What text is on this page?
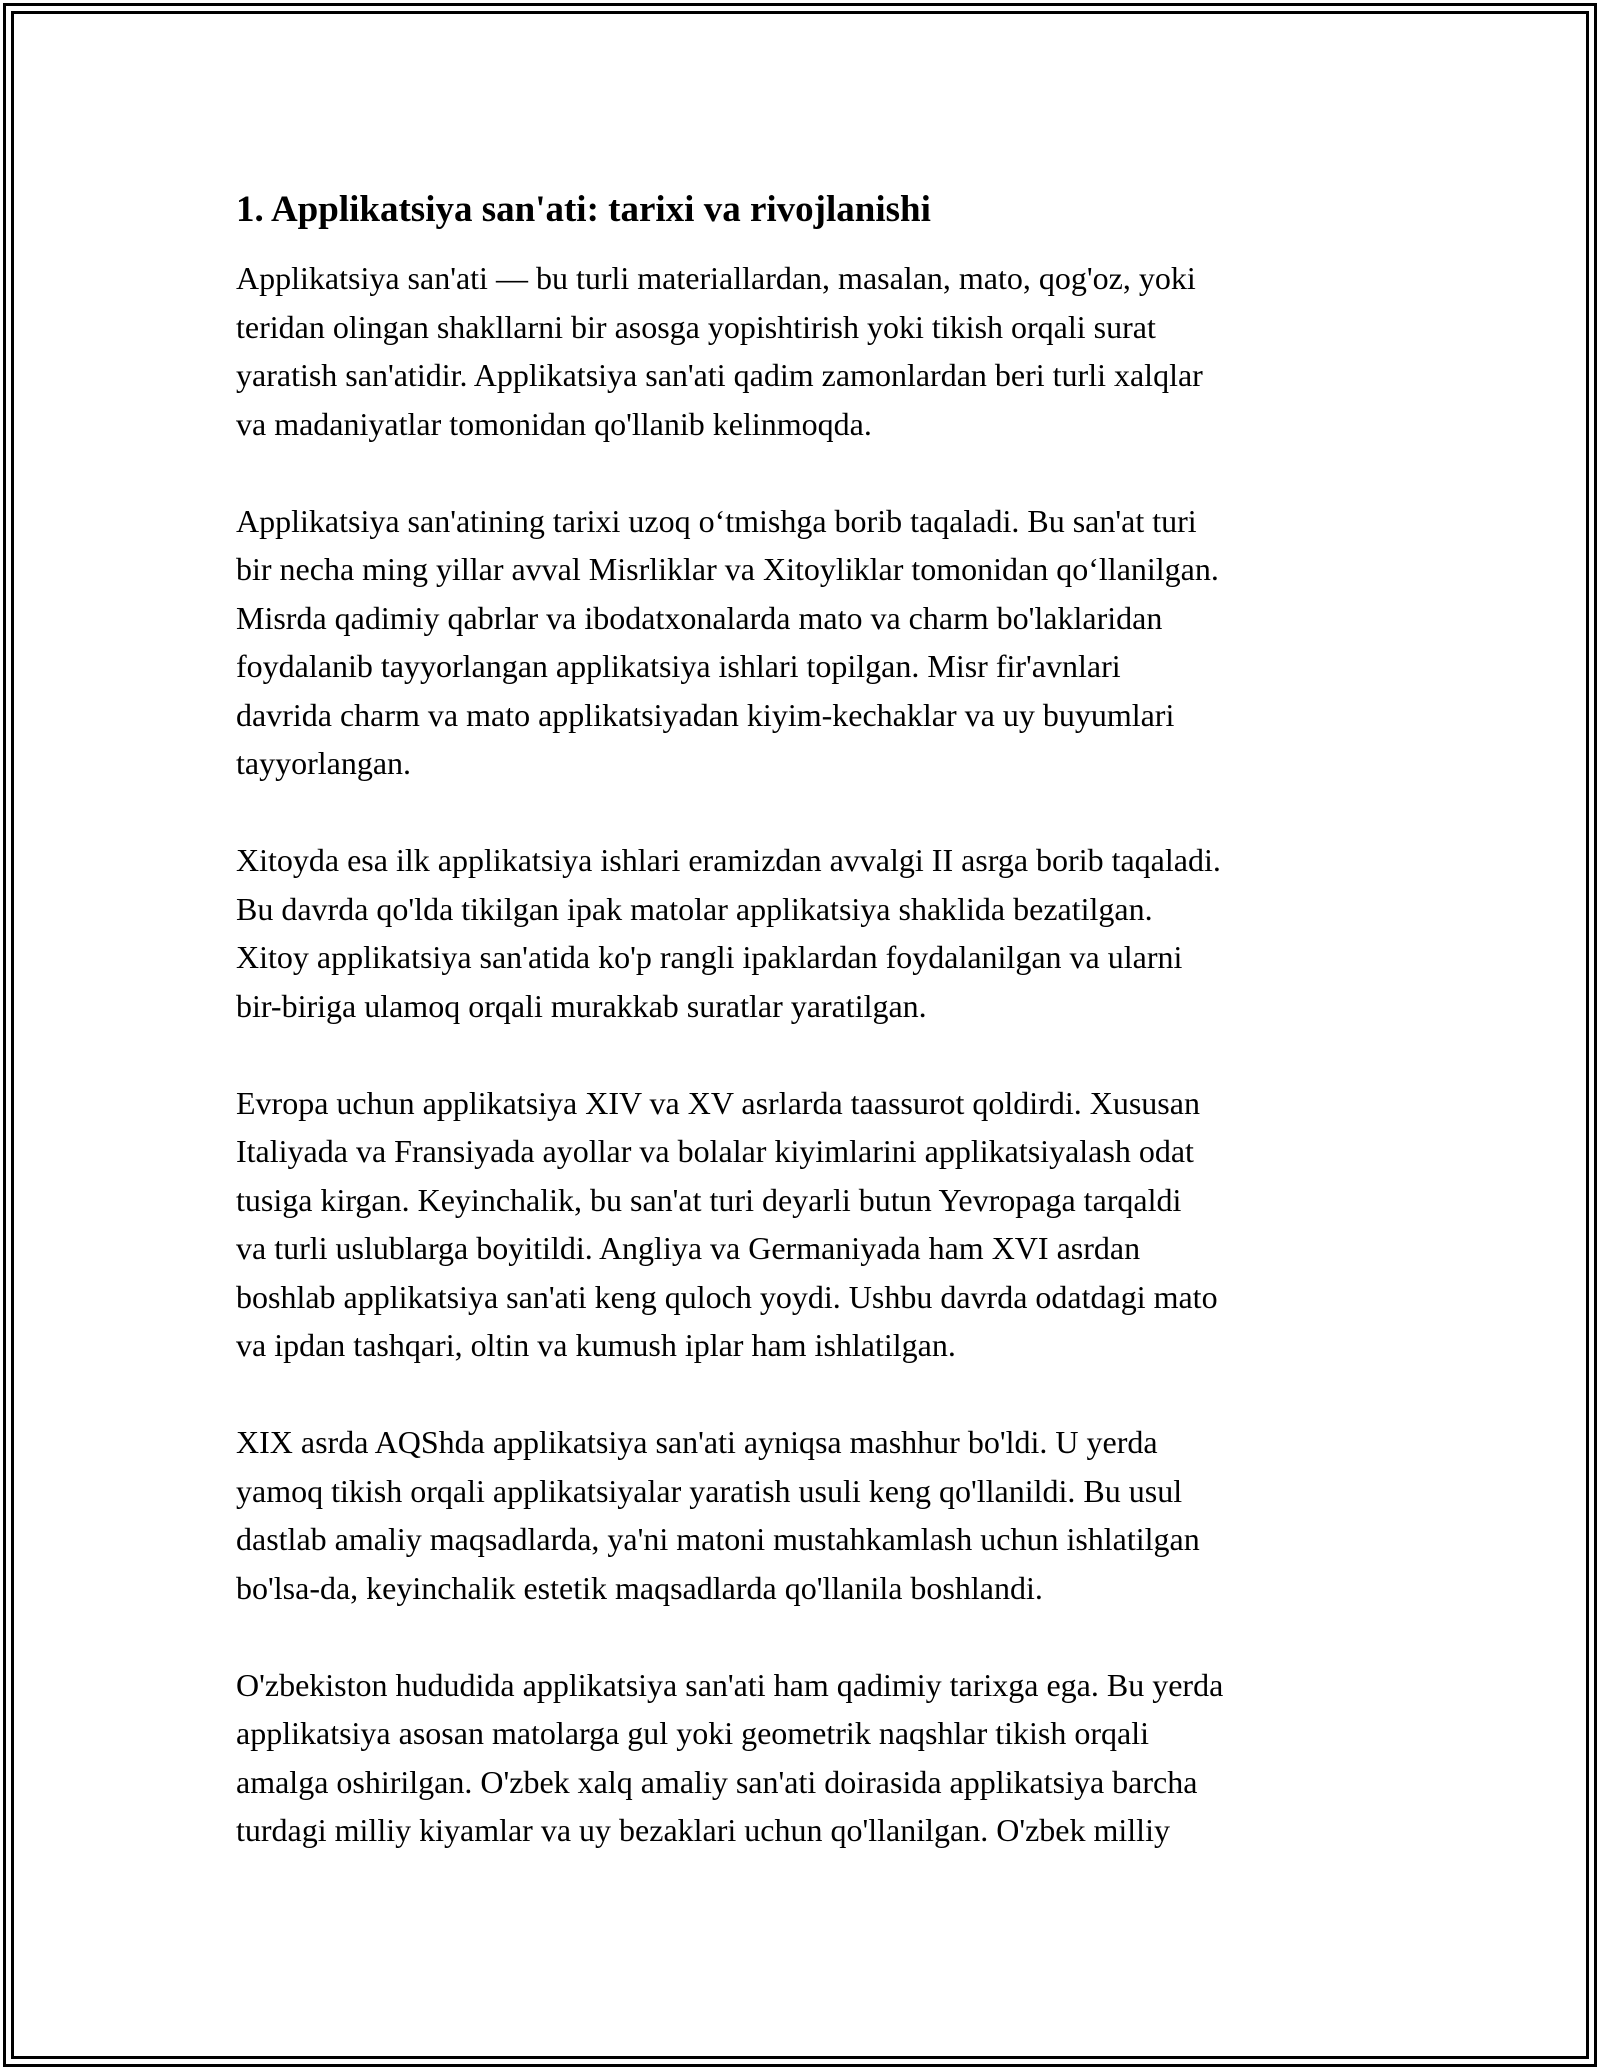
1. Applikatsiya san'ati: tarixi va rivojlanishi
Applikatsiya san'ati — bu turli materiallardan, masalan, mato, qog'oz, yoki
teridan olingan shakllarni bir asosga yopishtirish yoki tikish orqali surat
yaratish san'atidir. Applikatsiya san'ati qadim zamonlardan beri turli xalqlar
va madaniyatlar tomonidan qo'llanib kelinmoqda.
Applikatsiya san'atining tarixi uzoq oʻtmishga borib taqaladi. Bu san'at turi
bir necha ming yillar avval Misrliklar va Xitoyliklar tomonidan qoʻllanilgan.
Misrda qadimiy qabrlar va ibodatxonalarda mato va charm bo'laklaridan
foydalanib tayyorlangan applikatsiya ishlari topilgan. Misr fir'avnlari
davrida charm va mato applikatsiyadan kiyim-kechaklar va uy buyumlari
tayyorlangan.
Xitoyda esa ilk applikatsiya ishlari eramizdan avvalgi II asrga borib taqaladi.
Bu davrda qo'lda tikilgan ipak matolar applikatsiya shaklida bezatilgan.
Xitoy applikatsiya san'atida ko'p rangli ipaklardan foydalanilgan va ularni
bir-biriga ulamoq orqali murakkab suratlar yaratilgan.
Evropa uchun applikatsiya XIV va XV asrlarda taassurot qoldirdi. Xususan
Italiyada va Fransiyada ayollar va bolalar kiyimlarini applikatsiyalash odat
tusiga kirgan. Keyinchalik, bu san'at turi deyarli butun Yevropaga tarqaldi
va turli uslublarga boyitildi. Angliya va Germaniyada ham XVI asrdan
boshlab applikatsiya san'ati keng quloch yoydi. Ushbu davrda odatdagi mato
va ipdan tashqari, oltin va kumush iplar ham ishlatilgan.
XIX asrda AQShda applikatsiya san'ati ayniqsa mashhur bo'ldi. U yerda
yamoq tikish orqali applikatsiyalar yaratish usuli keng qo'llanildi. Bu usul
dastlab amaliy maqsadlarda, ya'ni matoni mustahkamlash uchun ishlatilgan
bo'lsa-da, keyinchalik estetik maqsadlarda qo'llanila boshlandi.
O'zbekiston hududida applikatsiya san'ati ham qadimiy tarixga ega. Bu yerda
applikatsiya asosan matolarga gul yoki geometrik naqshlar tikish orqali
amalga oshirilgan. O'zbek xalq amaliy san'ati doirasida applikatsiya barcha
turdagi milliy kiyamlar va uy bezaklari uchun qo'llanilgan. O'zbek milliy
